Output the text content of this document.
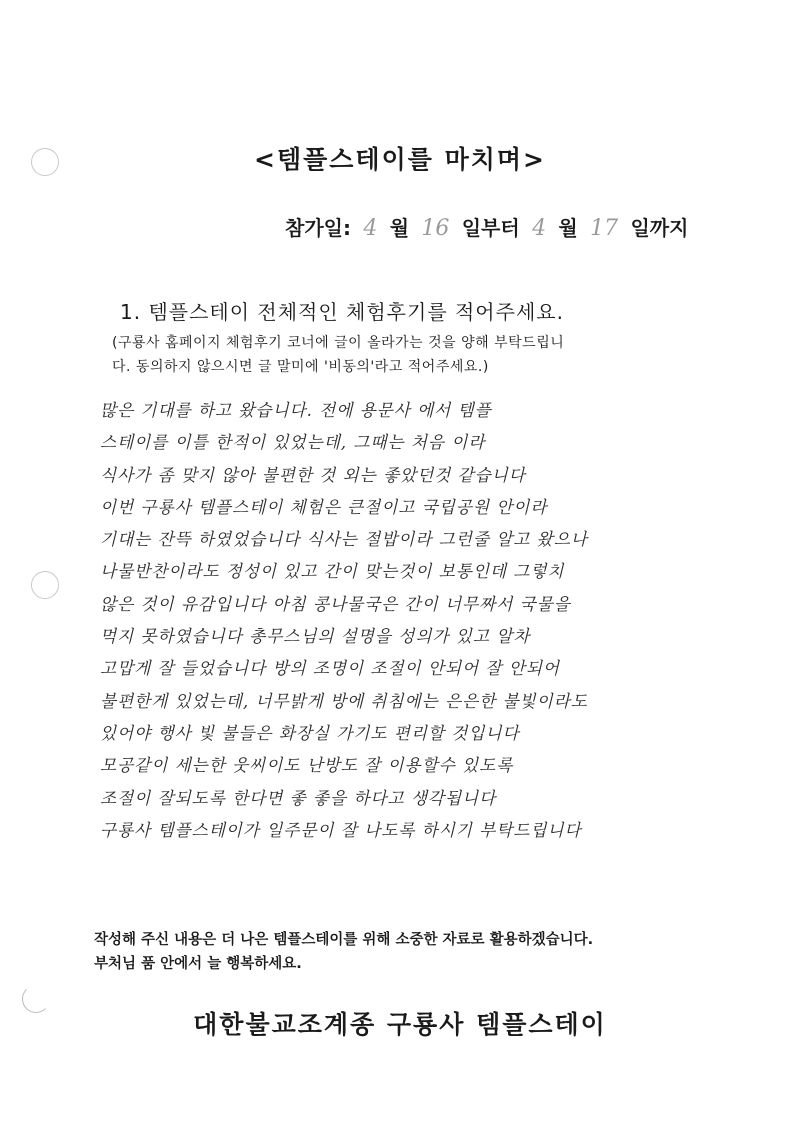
<템플스테이를 마치며>
참가일: 4 월 16 일부터 4 월 17 일까지
1. 템플스테이 전체적인 체험후기를 적어주세요.
(구룡사 홈페이지 체험후기 코너에 글이 올라가는 것을 양해 부탁드립니
다. 동의하지 않으시면 글 말미에 '비동의'라고 적어주세요.)
많은 기대를 하고 왔습니다. 전에 용문사 에서 템플
스테이를 이틀 한적이 있었는데, 그때는 처음 이라
식사가 좀 맞지 않아 불편한 것 외는 좋았던것 같습니다
이번 구룡사 템플스테이 체험은 큰절이고 국립공원 안이라
기대는 잔뜩 하였었습니다 식사는 절밥이라 그런줄 알고 왔으나
나물반찬이라도 정성이 있고 간이 맞는것이 보통인데 그렇치
않은 것이 유감입니다 아침 콩나물국은 간이 너무짜서 국물을
먹지 못하였습니다 총무스님의 설명을 성의가 있고 알차
고맙게 잘 들었습니다 방의 조명이 조절이 안되어 잘 안되어
불편한게 있었는데, 너무밝게 방에 취침에는 은은한 불빛이라도
있어야 행사 빛 불들은 화장실 가기도 편리할 것입니다
모공같이 세는한 웃씨이도 난방도 잘 이용할수 있도록
조절이 잘되도록 한다면 좋 좋을 하다고 생각됩니다
구룡사 템플스테이가 일주문이 잘 나도록 하시기 부탁드립니다
작성해 주신 내용은 더 나은 템플스테이를 위해 소중한 자료로 활용하겠습니다.
부처님 품 안에서 늘 행복하세요.
대한불교조계종 구룡사 템플스테이
